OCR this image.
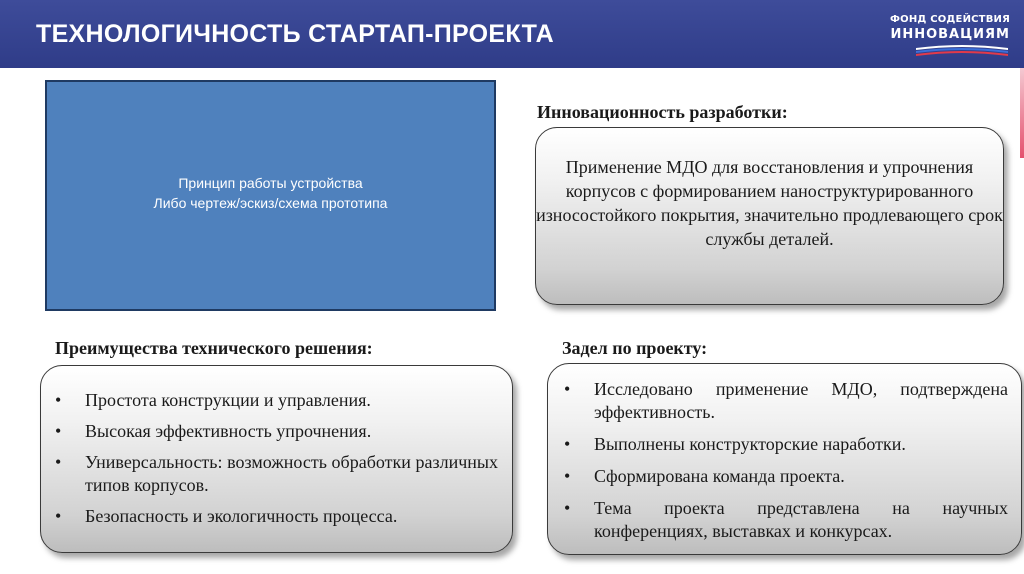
ТЕХНОЛОГИЧНОСТЬ СТАРТАП-ПРОЕКТА
ФОНД СОДЕЙСТВИЯ
ИННОВАЦИЯМ
Принцип работы устройства
Либо чертеж/эскиз/схема прототипа
Инновационность разработки:
Применение МДО для восстановления и упрочнения корпусов с формированием наноструктурированного износостойкого покрытия, значительно продлевающего срок службы деталей.
Преимущества технического решения:
• Простота конструкции и управления.
• Высокая эффективность упрочнения.
• Универсальность: возможность обработки различных типов корпусов.
• Безопасность и экологичность процесса.
Задел по проекту:
• Исследовано применение МДО, подтверждена эффективность.
• Выполнены конструкторские наработки.
• Сформирована команда проекта.
• Тема проекта представлена на научных конференциях, выставках и конкурсах.
